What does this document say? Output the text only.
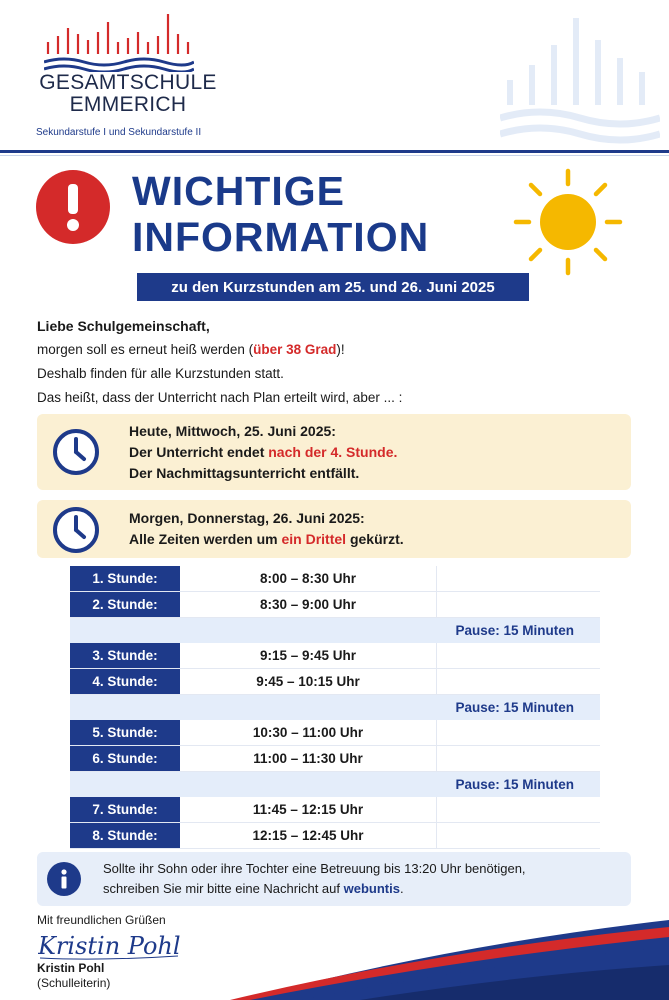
GESAMTSCHULE
EMMERICH
Sekundarstufe I und Sekundarstufe II
WICHTIGE
INFORMATION
zu den Kurzstunden am 25. und 26. Juni 2025
Liebe Schulgemeinschaft,
morgen soll es erneut heiß werden (über 38 Grad)!
Deshalb finden für alle Kurzstunden statt.
Das heißt, dass der Unterricht nach Plan erteilt wird, aber ... :
Heute, Mittwoch, 25. Juni 2025:
Der Unterricht endet nach der 4. Stunde.
Der Nachmittagsunterricht entfällt.
Morgen, Donnerstag, 26. Juni 2025:
Alle Zeiten werden um ein Drittel gekürzt.
1. Stunde:	8:00 – 8:30 Uhr
2. Stunde:	8:30 – 9:00 Uhr
Pause: 15 Minuten
3. Stunde:	9:15 – 9:45 Uhr
4. Stunde:	9:45 – 10:15 Uhr
Pause: 15 Minuten
5. Stunde:	10:30 – 11:00 Uhr
6. Stunde:	11:00 – 11:30 Uhr
Pause: 15 Minuten
7. Stunde:	11:45 – 12:15 Uhr
8. Stunde:	12:15 – 12:45 Uhr
Sollte ihr Sohn oder ihre Tochter eine Betreuung bis 13:20 Uhr benötigen,
schreiben Sie mir bitte eine Nachricht auf webuntis.
Mit freundlichen Grüßen
Kristin Pohl
Kristin Pohl
(Schulleiterin)
